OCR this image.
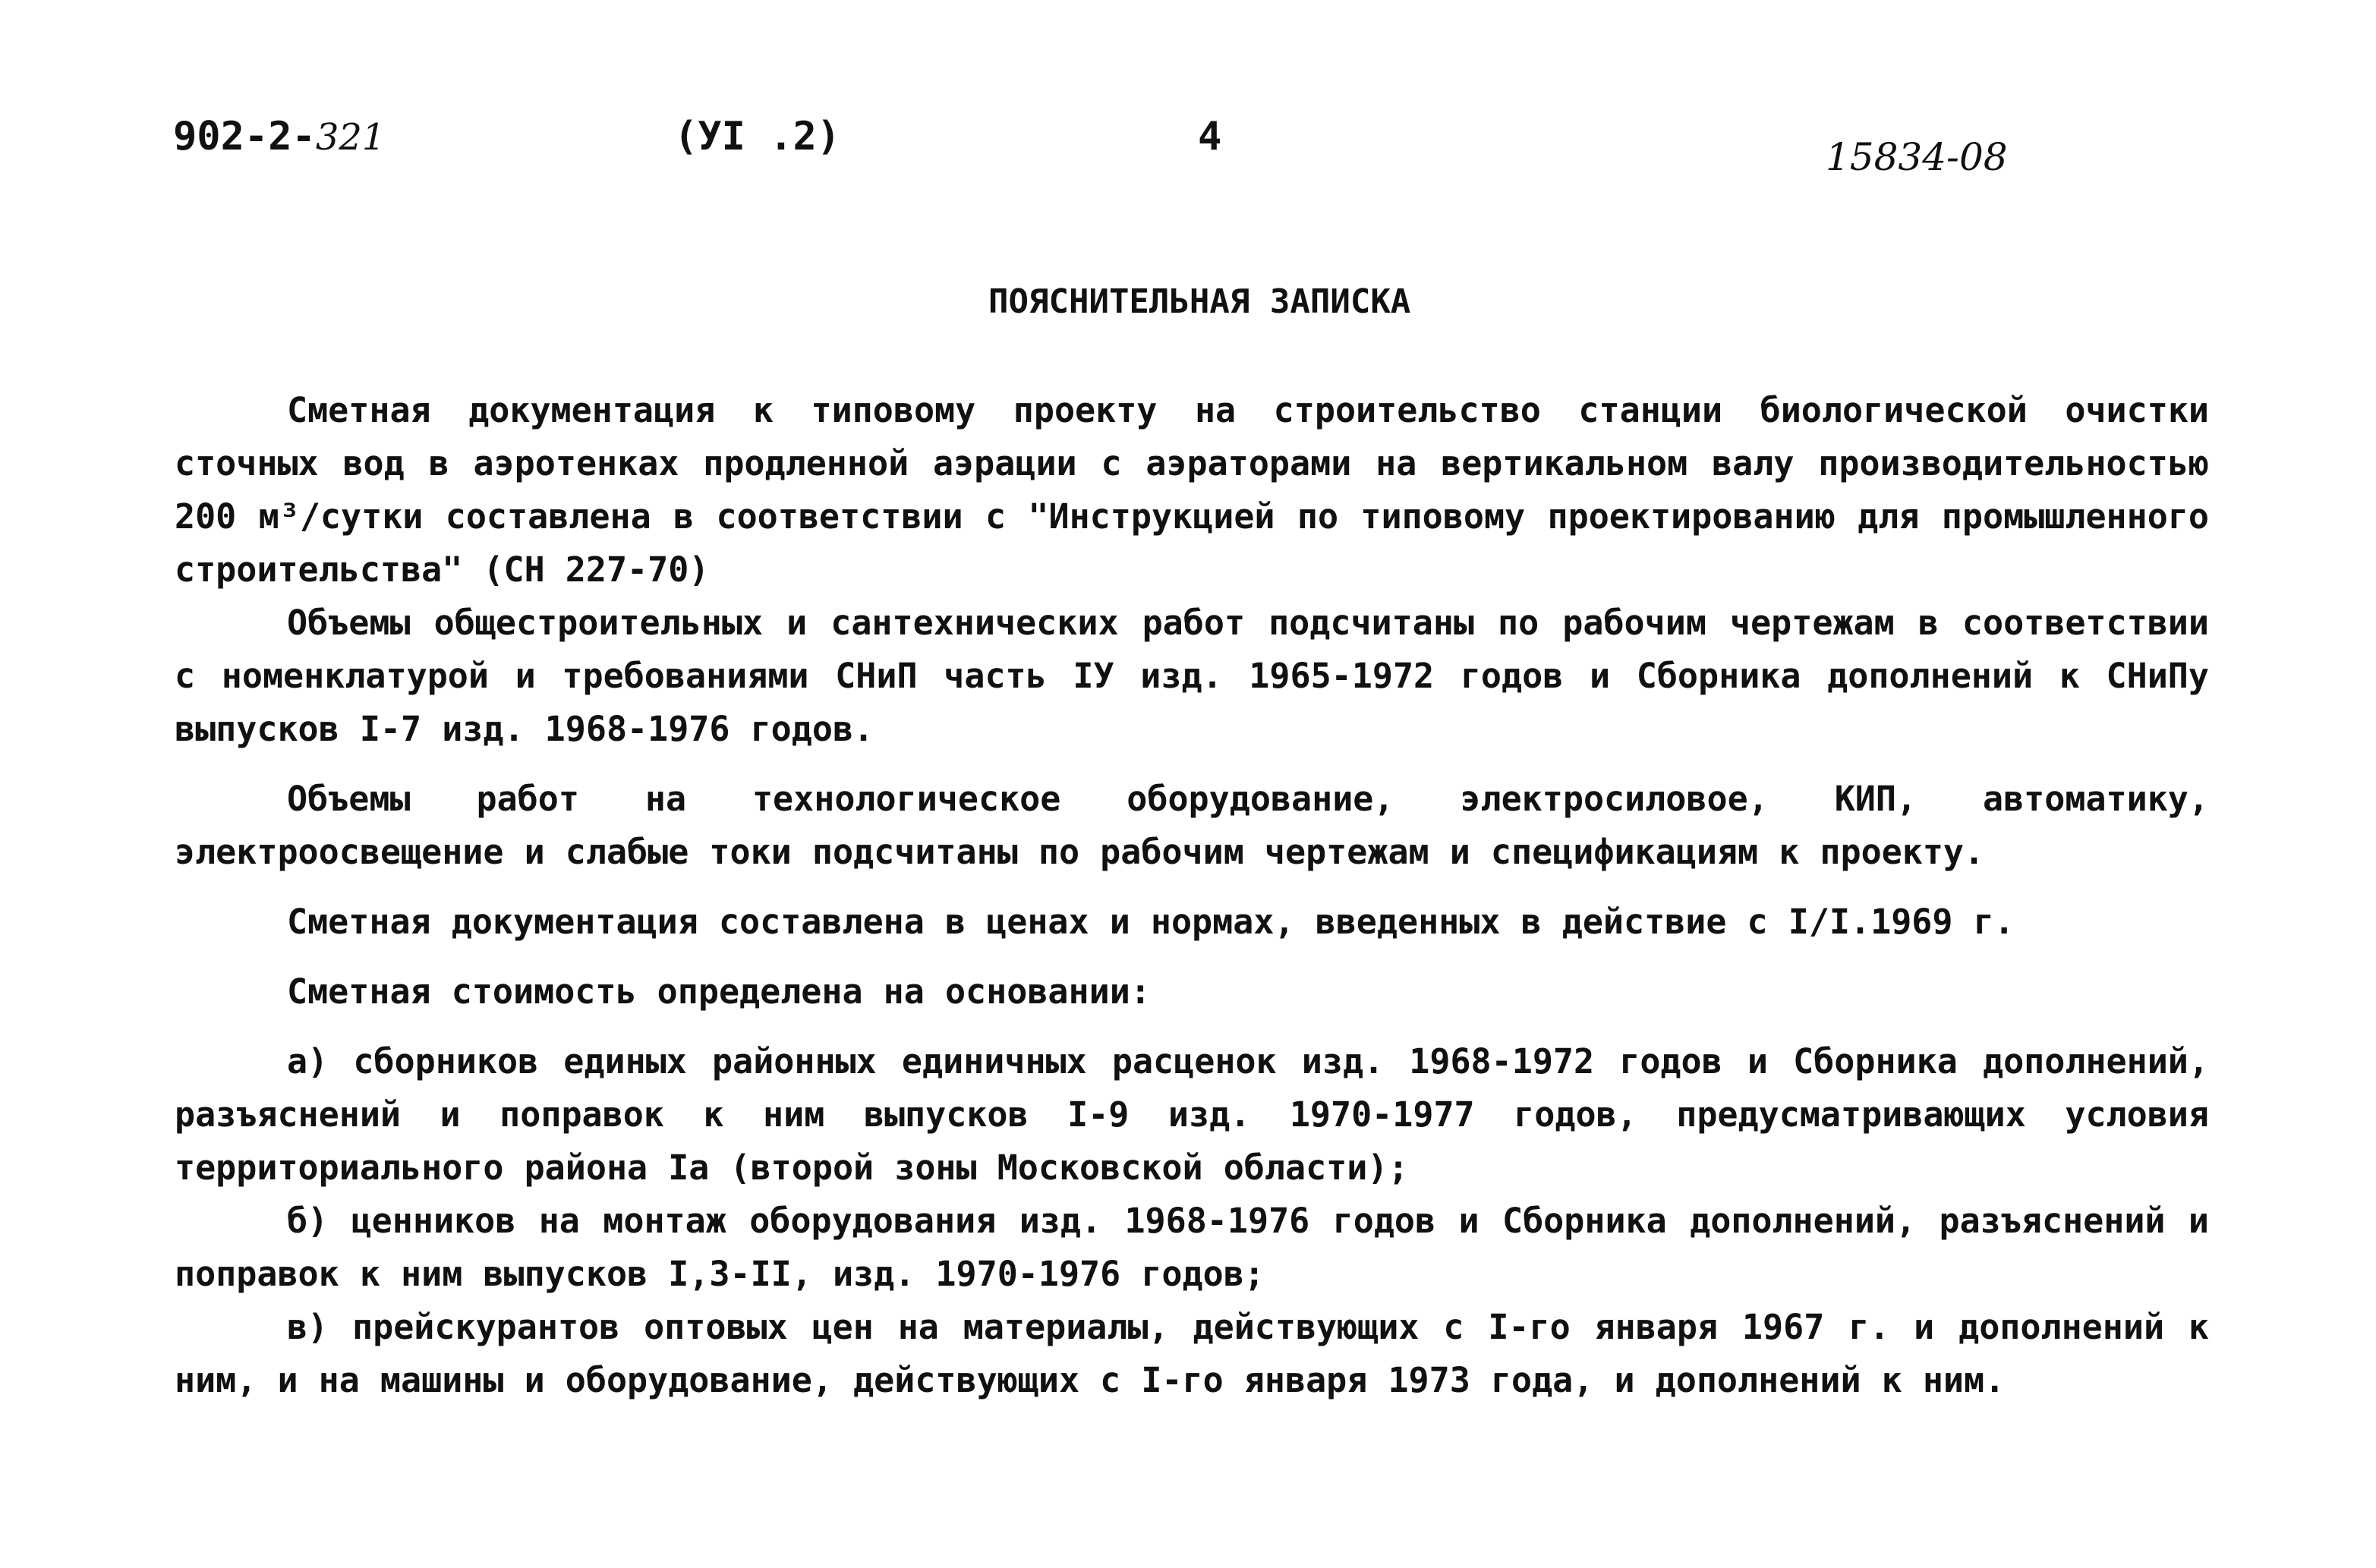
902-2-321	(УI .2)	4	15834-08
ПОЯСНИТЕЛЬНАЯ ЗАПИСКА

Сметная документация к типовому проекту на строительство станции биологической очистки сточных вод в аэротенках продленной аэрации с аэраторами на вертикальном валу производительностью 200 м³/сутки составлена в соответствии с "Инструкцией по типовому проектированию для промышленного строительства" (СН 227-70)

Объемы общестроительных и сантехнических работ подсчитаны по рабочим чертежам в соответствии с номенклатурой и требованиями СНиП часть IУ изд. 1965-1972 годов и Сборника дополнений к СНиПу выпусков I-7 изд. 1968-1976 годов.

Объемы работ на технологическое оборудование, электросиловое, КИП, автоматику, электроосвещение и слабые токи подсчитаны по рабочим чертежам и спецификациям к проекту.

Сметная документация составлена в ценах и нормах, введенных в действие с I/I.1969 г.

Сметная стоимость определена на основании:

а) сборников единых районных единичных расценок изд. 1968-1972 годов и Сборника дополнений, разъяснений и поправок к ним выпусков I-9 изд. 1970-1977 годов, предусматривающих условия территориального района Iа (второй зоны Московской области);

б) ценников на монтаж оборудования изд. 1968-1976 годов и Сборника дополнений, разъяснений и поправок к ним выпусков I,3-II, изд. 1970-1976 годов;

в) прейскурантов оптовых цен на материалы, действующих с I-го января 1967 г. и дополнений к ним, и на машины и оборудование, действующих с I-го января 1973 года, и дополнений к ним.
